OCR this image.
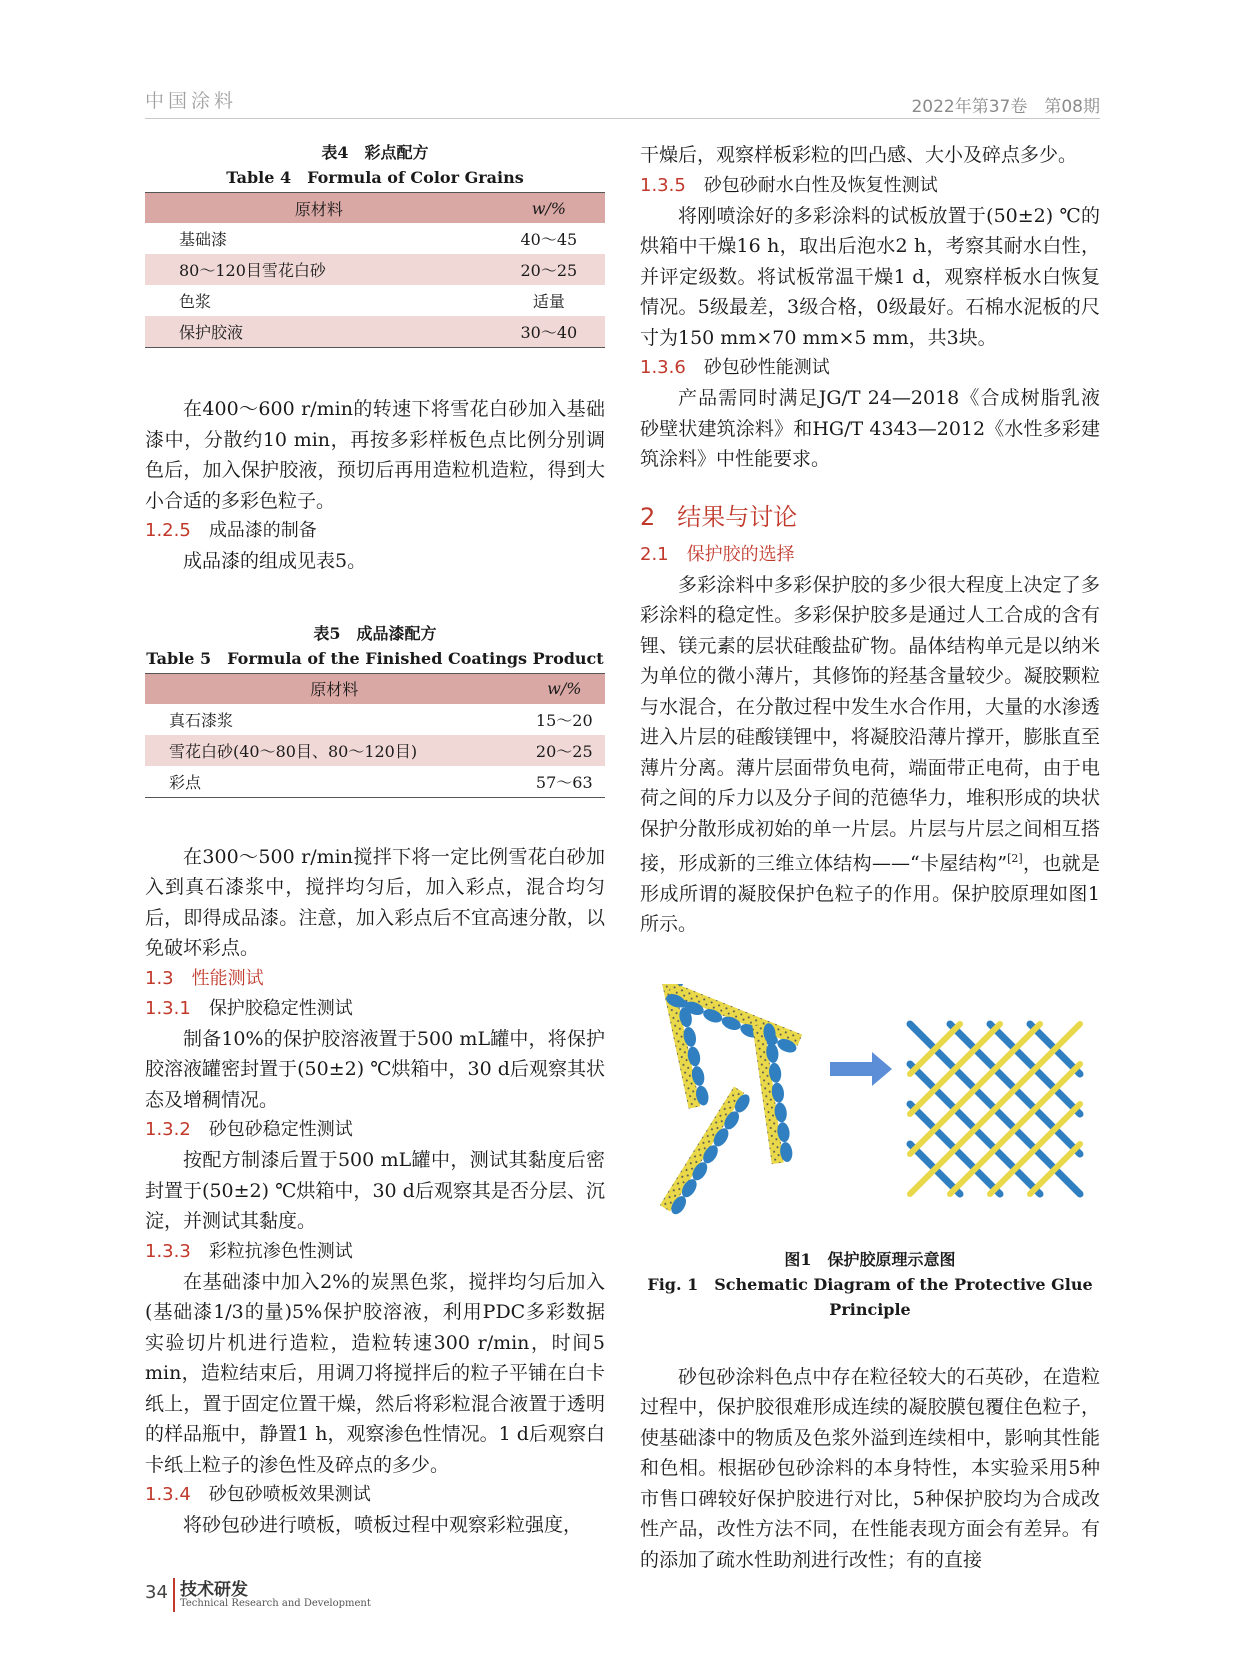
中国涂料	2022年第37卷　第08期
表4　彩点配方
Table 4　Formula of Color Grains
原材料	w/%
基础漆	40～45
80～120目雪花白砂	20～25
色浆	适量
保护胶液	30～40

在400～600 r/min的转速下将雪花白砂加入基础漆中，分散约10 min，再按多彩样板色点比例分别调色后，加入保护胶液，预切后再用造粒机造粒，得到大小合适的多彩色粒子。

1.2.5 成品漆的制备

成品漆的组成见表5。

表5　成品漆配方
Table 5　Formula of the Finished Coatings Product
原材料	w/%
真石漆浆	15～20
雪花白砂(40～80目、80～120目)	20～25
彩点	57～63

在300～500 r/min搅拌下将一定比例雪花白砂加入到真石漆浆中，搅拌均匀后，加入彩点，混合均匀后，即得成品漆。注意，加入彩点后不宜高速分散，以免破坏彩点。

1.3 性能测试
1.3.1 保护胶稳定性测试

制备10%的保护胶溶液置于500 mL罐中，将保护胶溶液罐密封置于(50±2) ℃烘箱中，30 d后观察其状态及增稠情况。

1.3.2 砂包砂稳定性测试

按配方制漆后置于500 mL罐中，测试其黏度后密封置于(50±2) ℃烘箱中，30 d后观察其是否分层、沉淀，并测试其黏度。

1.3.3 彩粒抗渗色性测试

在基础漆中加入2%的炭黑色浆，搅拌均匀后加入(基础漆1/3的量)5%保护胶溶液，利用PDC多彩数据实验切片机进行造粒，造粒转速300 r/min，时间5 min，造粒结束后，用调刀将搅拌后的粒子平铺在白卡纸上，置于固定位置干燥，然后将彩粒混合液置于透明的样品瓶中，静置1 h，观察渗色性情况。1 d后观察白卡纸上粒子的渗色性及碎点的多少。

1.3.4 砂包砂喷板效果测试

将砂包砂进行喷板，喷板过程中观察彩粒强度，

干燥后，观察样板彩粒的凹凸感、大小及碎点多少。

1.3.5 砂包砂耐水白性及恢复性测试

将刚喷涂好的多彩涂料的试板放置于(50±2) ℃的烘箱中干燥16 h，取出后泡水2 h，考察其耐水白性，并评定级数。将试板常温干燥1 d，观察样板水白恢复情况。5级最差，3级合格，0级最好。石棉水泥板的尺寸为150 mm×70 mm×5 mm，共3块。

1.3.6 砂包砂性能测试

产品需同时满足JG/T 24—2018《合成树脂乳液砂壁状建筑涂料》和HG/T 4343—2012《水性多彩建筑涂料》中性能要求。

2 结果与讨论
2.1 保护胶的选择

多彩涂料中多彩保护胶的多少很大程度上决定了多彩涂料的稳定性。多彩保护胶多是通过人工合成的含有锂、镁元素的层状硅酸盐矿物。晶体结构单元是以纳米为单位的微小薄片，其修饰的羟基含量较少。凝胶颗粒与水混合，在分散过程中发生水合作用，大量的水渗透进入片层的硅酸镁锂中，将凝胶沿薄片撑开，膨胀直至薄片分离。薄片层面带负电荷，端面带正电荷，由于电荷之间的斥力以及分子间的范德华力，堆积形成的块状保护分散形成初始的单一片层。片层与片层之间相互搭接，形成新的三维立体结构——“卡屋结构”[2]，也就是形成所谓的凝胶保护色粒子的作用。保护胶原理如图1所示。

图1　保护胶原理示意图
Fig. 1　Schematic Diagram of the Protective Glue
Principle

砂包砂涂料色点中存在粒径较大的石英砂，在造粒过程中，保护胶很难形成连续的凝胶膜包覆住色粒子，使基础漆中的物质及色浆外溢到连续相中，影响其性能和色相。根据砂包砂涂料的本身特性，本实验采用5种市售口碑较好保护胶进行对比，5种保护胶均为合成改性产品，改性方法不同，在性能表现方面会有差异。有的添加了疏水性助剂进行改性；有的直接

34 技术研发
Technical Research and Development
